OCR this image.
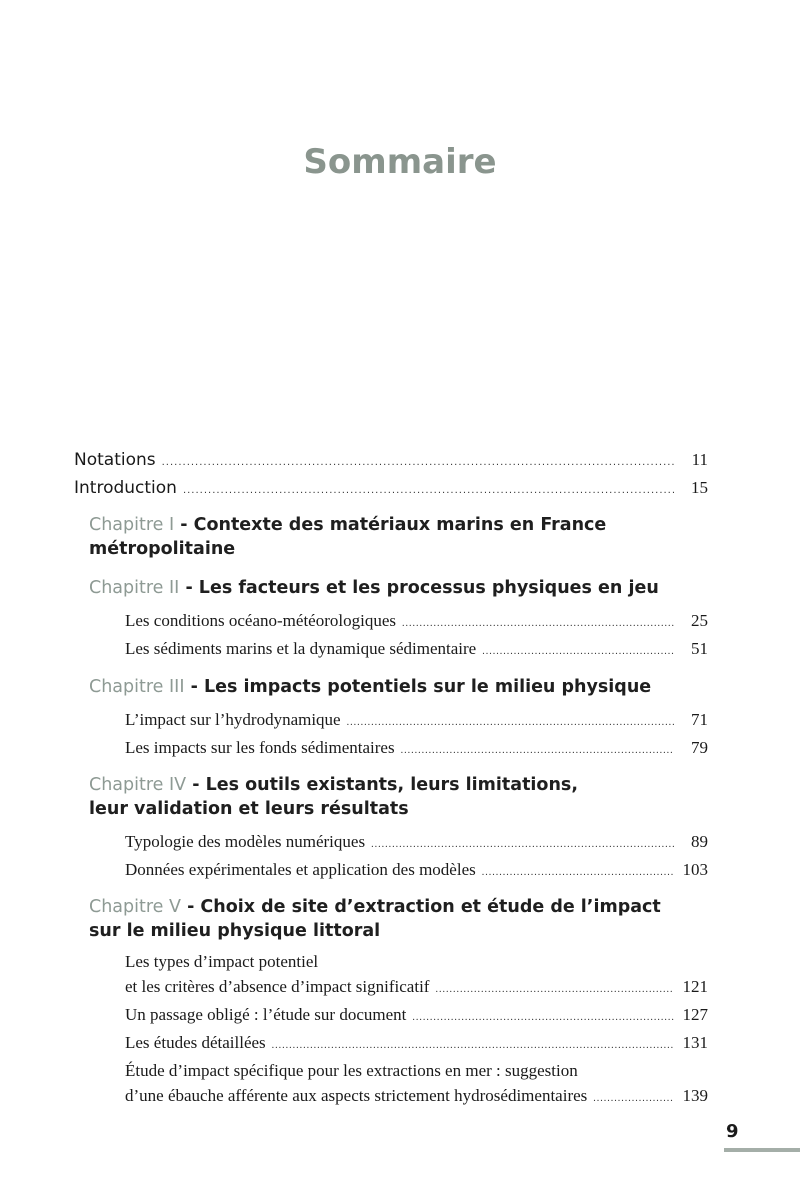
Sommaire
Notations .....	11
Introduction .....	15
Chapitre I - Contexte des matériaux marins en France
métropolitaine
Chapitre II - Les facteurs et les processus physiques en jeu
Les conditions océano-météorologiques .....	25
Les sédiments marins et la dynamique sédimentaire .....	51
Chapitre III - Les impacts potentiels sur le milieu physique
L’impact sur l’hydrodynamique .....	71
Les impacts sur les fonds sédimentaires .....	79
Chapitre IV - Les outils existants, leurs limitations,
leur validation et leurs résultats
Typologie des modèles numériques .....	89
Données expérimentales et application des modèles .....	103
Chapitre V - Choix de site d’extraction et étude de l’impact
sur le milieu physique littoral
Les types d’impact potentiel
et les critères d’absence d’impact significatif .....	121
Un passage obligé : l’étude sur document .....	127
Les études détaillées .....	131
Étude d’impact spécifique pour les extractions en mer : suggestion
d’une ébauche afférente aux aspects strictement hydrosédimentaires .....	139
9
